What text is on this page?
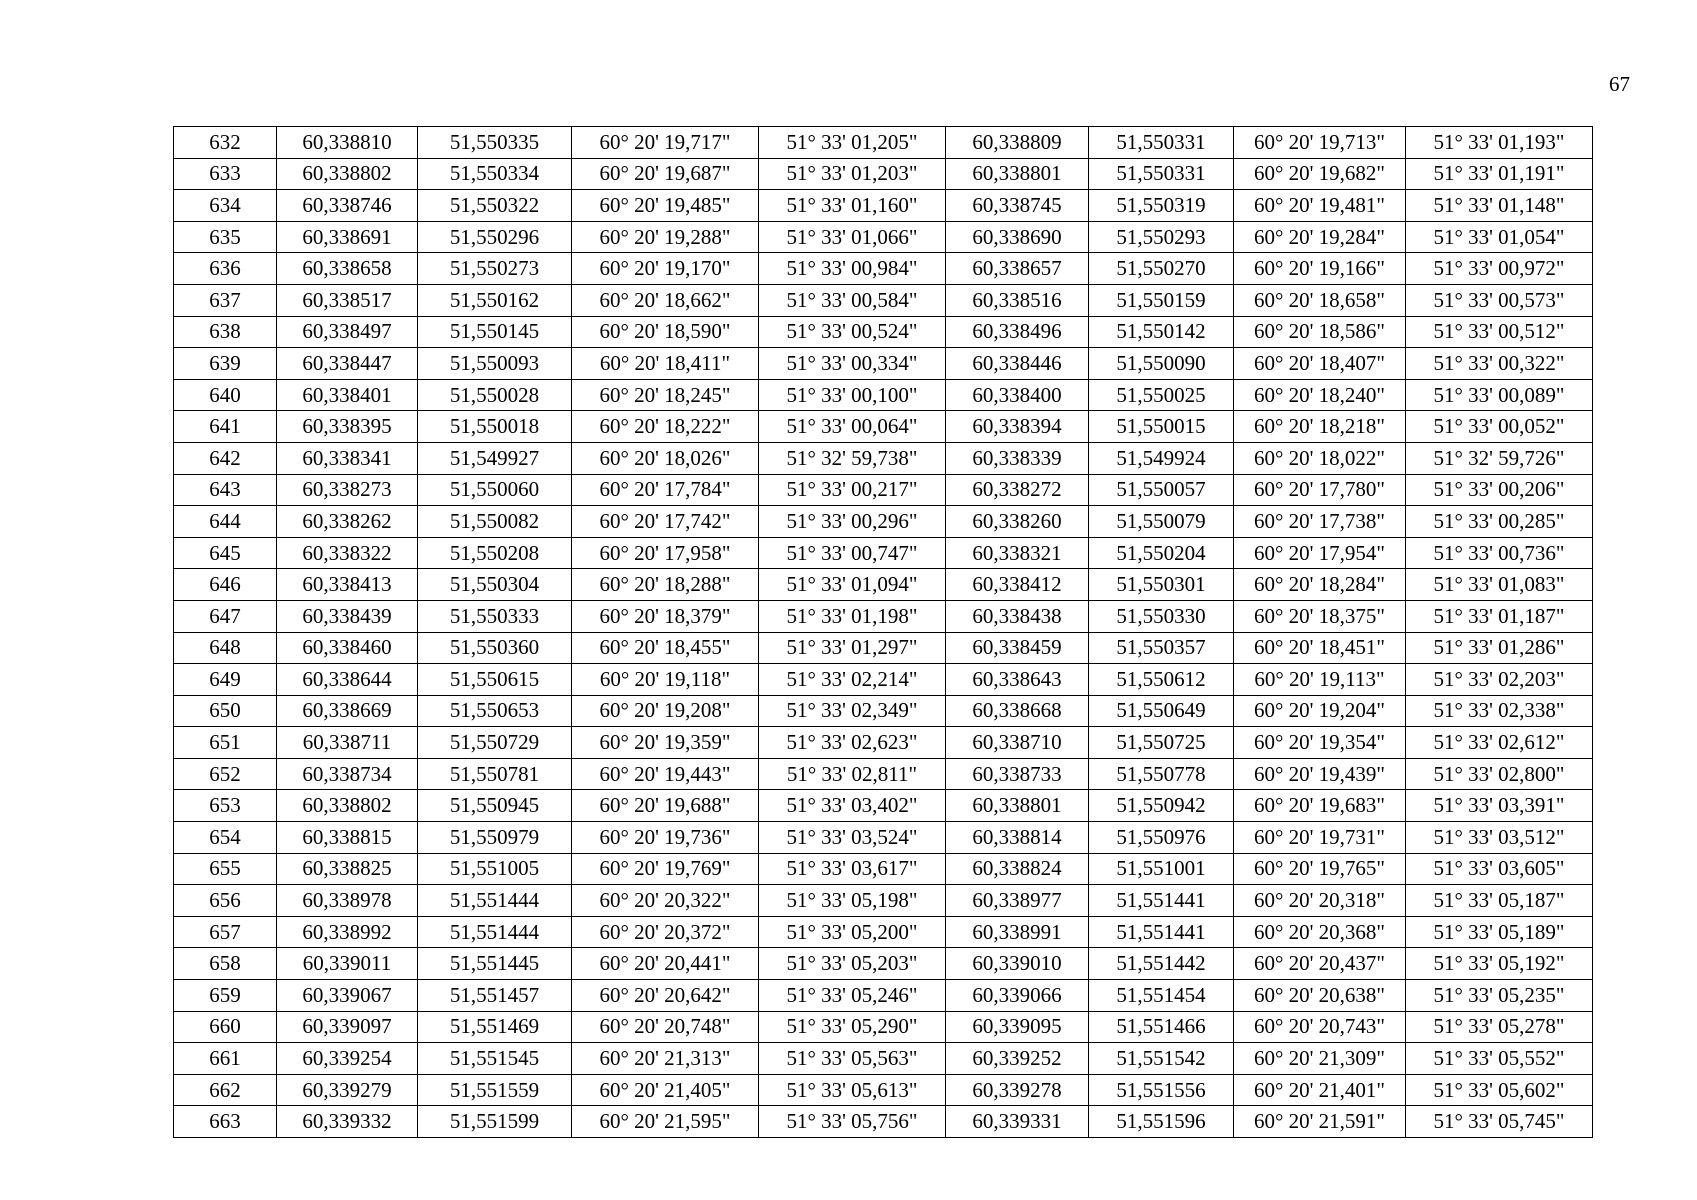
67
632	60,338810	51,550335	60° 20' 19,717"	51° 33' 01,205"	60,338809	51,550331	60° 20' 19,713"	51° 33' 01,193"
633	60,338802	51,550334	60° 20' 19,687"	51° 33' 01,203"	60,338801	51,550331	60° 20' 19,682"	51° 33' 01,191"
634	60,338746	51,550322	60° 20' 19,485"	51° 33' 01,160"	60,338745	51,550319	60° 20' 19,481"	51° 33' 01,148"
635	60,338691	51,550296	60° 20' 19,288"	51° 33' 01,066"	60,338690	51,550293	60° 20' 19,284"	51° 33' 01,054"
636	60,338658	51,550273	60° 20' 19,170"	51° 33' 00,984"	60,338657	51,550270	60° 20' 19,166"	51° 33' 00,972"
637	60,338517	51,550162	60° 20' 18,662"	51° 33' 00,584"	60,338516	51,550159	60° 20' 18,658"	51° 33' 00,573"
638	60,338497	51,550145	60° 20' 18,590"	51° 33' 00,524"	60,338496	51,550142	60° 20' 18,586"	51° 33' 00,512"
639	60,338447	51,550093	60° 20' 18,411"	51° 33' 00,334"	60,338446	51,550090	60° 20' 18,407"	51° 33' 00,322"
640	60,338401	51,550028	60° 20' 18,245"	51° 33' 00,100"	60,338400	51,550025	60° 20' 18,240"	51° 33' 00,089"
641	60,338395	51,550018	60° 20' 18,222"	51° 33' 00,064"	60,338394	51,550015	60° 20' 18,218"	51° 33' 00,052"
642	60,338341	51,549927	60° 20' 18,026"	51° 32' 59,738"	60,338339	51,549924	60° 20' 18,022"	51° 32' 59,726"
643	60,338273	51,550060	60° 20' 17,784"	51° 33' 00,217"	60,338272	51,550057	60° 20' 17,780"	51° 33' 00,206"
644	60,338262	51,550082	60° 20' 17,742"	51° 33' 00,296"	60,338260	51,550079	60° 20' 17,738"	51° 33' 00,285"
645	60,338322	51,550208	60° 20' 17,958"	51° 33' 00,747"	60,338321	51,550204	60° 20' 17,954"	51° 33' 00,736"
646	60,338413	51,550304	60° 20' 18,288"	51° 33' 01,094"	60,338412	51,550301	60° 20' 18,284"	51° 33' 01,083"
647	60,338439	51,550333	60° 20' 18,379"	51° 33' 01,198"	60,338438	51,550330	60° 20' 18,375"	51° 33' 01,187"
648	60,338460	51,550360	60° 20' 18,455"	51° 33' 01,297"	60,338459	51,550357	60° 20' 18,451"	51° 33' 01,286"
649	60,338644	51,550615	60° 20' 19,118"	51° 33' 02,214"	60,338643	51,550612	60° 20' 19,113"	51° 33' 02,203"
650	60,338669	51,550653	60° 20' 19,208"	51° 33' 02,349"	60,338668	51,550649	60° 20' 19,204"	51° 33' 02,338"
651	60,338711	51,550729	60° 20' 19,359"	51° 33' 02,623"	60,338710	51,550725	60° 20' 19,354"	51° 33' 02,612"
652	60,338734	51,550781	60° 20' 19,443"	51° 33' 02,811"	60,338733	51,550778	60° 20' 19,439"	51° 33' 02,800"
653	60,338802	51,550945	60° 20' 19,688"	51° 33' 03,402"	60,338801	51,550942	60° 20' 19,683"	51° 33' 03,391"
654	60,338815	51,550979	60° 20' 19,736"	51° 33' 03,524"	60,338814	51,550976	60° 20' 19,731"	51° 33' 03,512"
655	60,338825	51,551005	60° 20' 19,769"	51° 33' 03,617"	60,338824	51,551001	60° 20' 19,765"	51° 33' 03,605"
656	60,338978	51,551444	60° 20' 20,322"	51° 33' 05,198"	60,338977	51,551441	60° 20' 20,318"	51° 33' 05,187"
657	60,338992	51,551444	60° 20' 20,372"	51° 33' 05,200"	60,338991	51,551441	60° 20' 20,368"	51° 33' 05,189"
658	60,339011	51,551445	60° 20' 20,441"	51° 33' 05,203"	60,339010	51,551442	60° 20' 20,437"	51° 33' 05,192"
659	60,339067	51,551457	60° 20' 20,642"	51° 33' 05,246"	60,339066	51,551454	60° 20' 20,638"	51° 33' 05,235"
660	60,339097	51,551469	60° 20' 20,748"	51° 33' 05,290"	60,339095	51,551466	60° 20' 20,743"	51° 33' 05,278"
661	60,339254	51,551545	60° 20' 21,313"	51° 33' 05,563"	60,339252	51,551542	60° 20' 21,309"	51° 33' 05,552"
662	60,339279	51,551559	60° 20' 21,405"	51° 33' 05,613"	60,339278	51,551556	60° 20' 21,401"	51° 33' 05,602"
663	60,339332	51,551599	60° 20' 21,595"	51° 33' 05,756"	60,339331	51,551596	60° 20' 21,591"	51° 33' 05,745"
